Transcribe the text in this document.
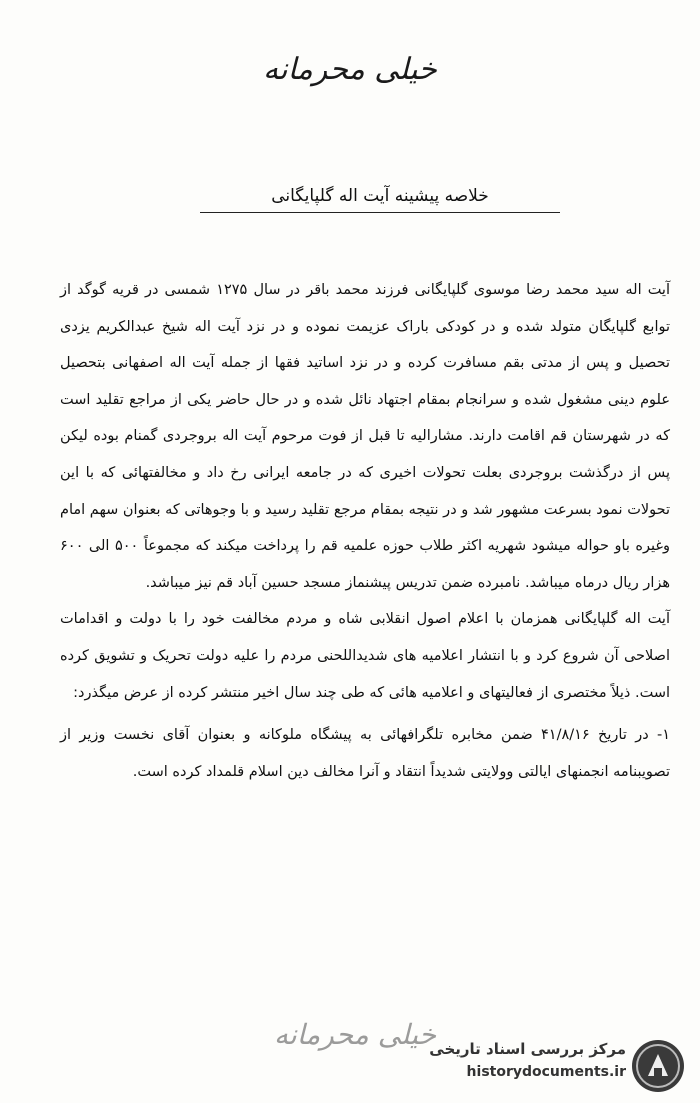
خیلی محرمانه
خلاصه پیشینه آیت اله گلپایگانی

آیت اله سید محمد رضا موسوی گلپایگانی فرزند محمد باقر در سال ۱۲۷۵ شمسی در قریه گوگد از توابع گلپایگان متولد شده و در کودکی باراک عزیمت نموده و در نزد آیت اله شیخ عبدالکریم یزدی تحصیل و پس از مدتی بقم مسافرت کرده و در نزد اساتید فقها از جمله آیت اله اصفهانی بتحصیل علوم دینی مشغول شده و سرانجام بمقام اجتهاد نائل شده و در حال حاضر یکی از مراجع تقلید است که در شهرستان قم اقامت دارند. مشارالیه تا قبل از فوت مرحوم آیت اله بروجردی گمنام بوده لیکن پس از درگذشت بروجردی بعلت تحولات اخیری که در جامعه ایرانی رخ داد و مخالفتهائی که با این تحولات نمود بسرعت مشهور شد و در نتیجه بمقام مرجع تقلید رسید و با وجوهاتی که بعنوان سهم امام وغیره باو حواله میشود شهریه اکثر طلاب حوزه علمیه قم را پرداخت میکند که مجموعاً ۵۰۰ الی ۶۰۰ هزار ریال درماه میباشد. نامبرده ضمن تدریس پیشنماز مسجد حسین آباد قم نیز میباشد.

آیت اله گلپایگانی همزمان با اعلام اصول انقلابی شاه و مردم مخالفت خود را با دولت و اقدامات اصلاحی آن شروع کرد و با انتشار اعلامیه های شدیداللحنی مردم را علیه دولت تحریک و تشویق کرده است. ذیلاً مختصری از فعالیتهای و اعلامیه هائی که طی چند سال اخیر منتشر کرده از عرض میگذرد:

۱- در تاریخ ۴۱/۸/۱۶ ضمن مخابره تلگرافهائی به پیشگاه ملوکانه و بعنوان آقای نخست وزیر از تصویبنامه انجمنهای ایالتی وولایتی شدیداً انتقاد و آنرا مخالف دین اسلام قلمداد کرده است.

خیلی محرمانه
مرکز بررسی اسناد تاریخی
historydocuments.ir
